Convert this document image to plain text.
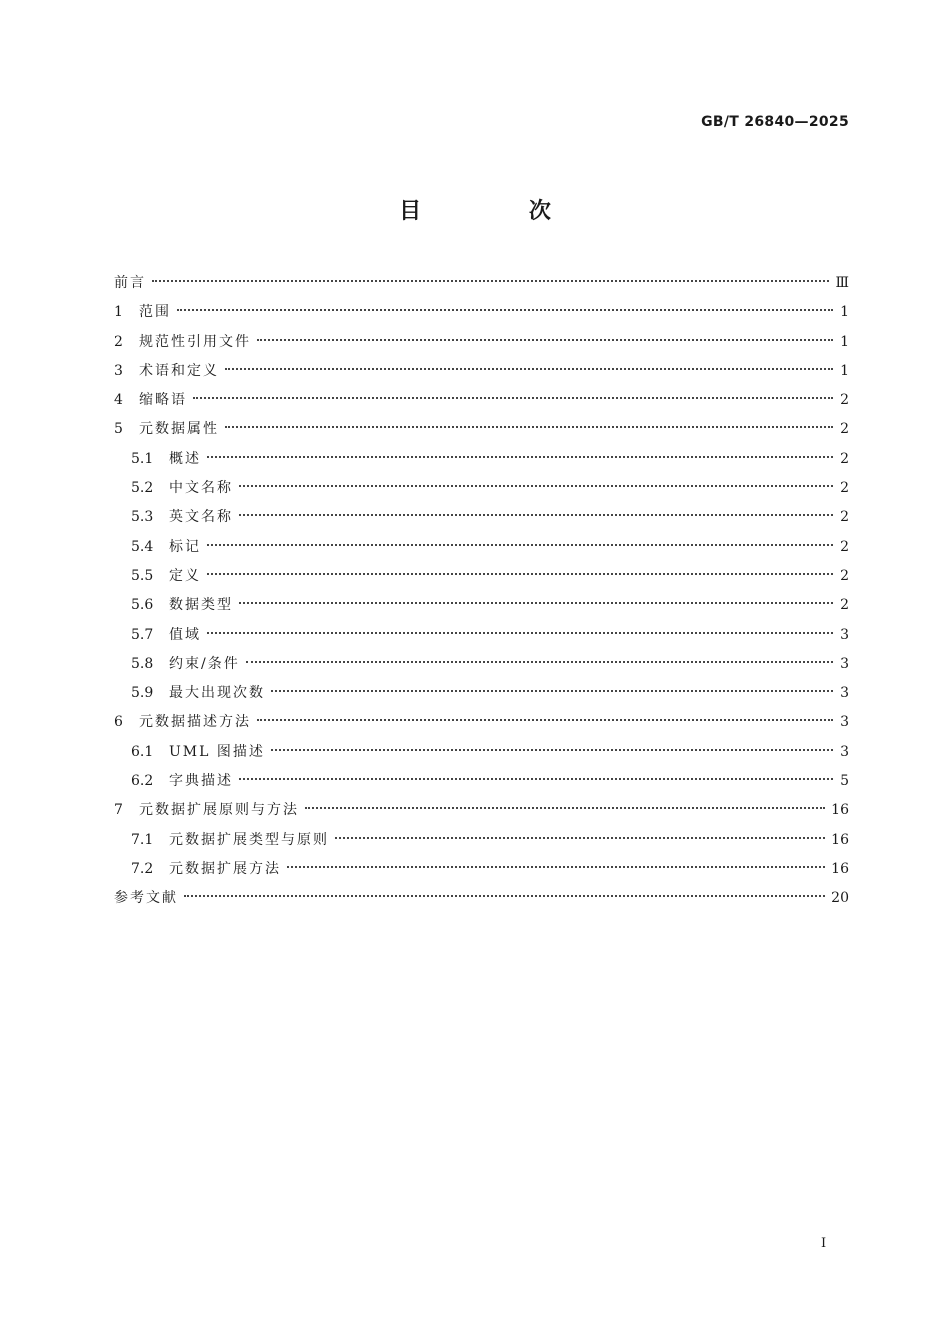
GB/T 26840—2025
目 次
前言	Ⅲ
1	范围	1
2	规范性引用文件	1
3	术语和定义	1
4	缩略语	2
5	元数据属性	2
5.1	概述	2
5.2	中文名称	2
5.3	英文名称	2
5.4	标记	2
5.5	定义	2
5.6	数据类型	2
5.7	值域	3
5.8	约束/条件	3
5.9	最大出现次数	3
6	元数据描述方法	3
6.1	UML 图描述	3
6.2	字典描述	5
7	元数据扩展原则与方法	16
7.1	元数据扩展类型与原则	16
7.2	元数据扩展方法	16
参考文献	20
I
